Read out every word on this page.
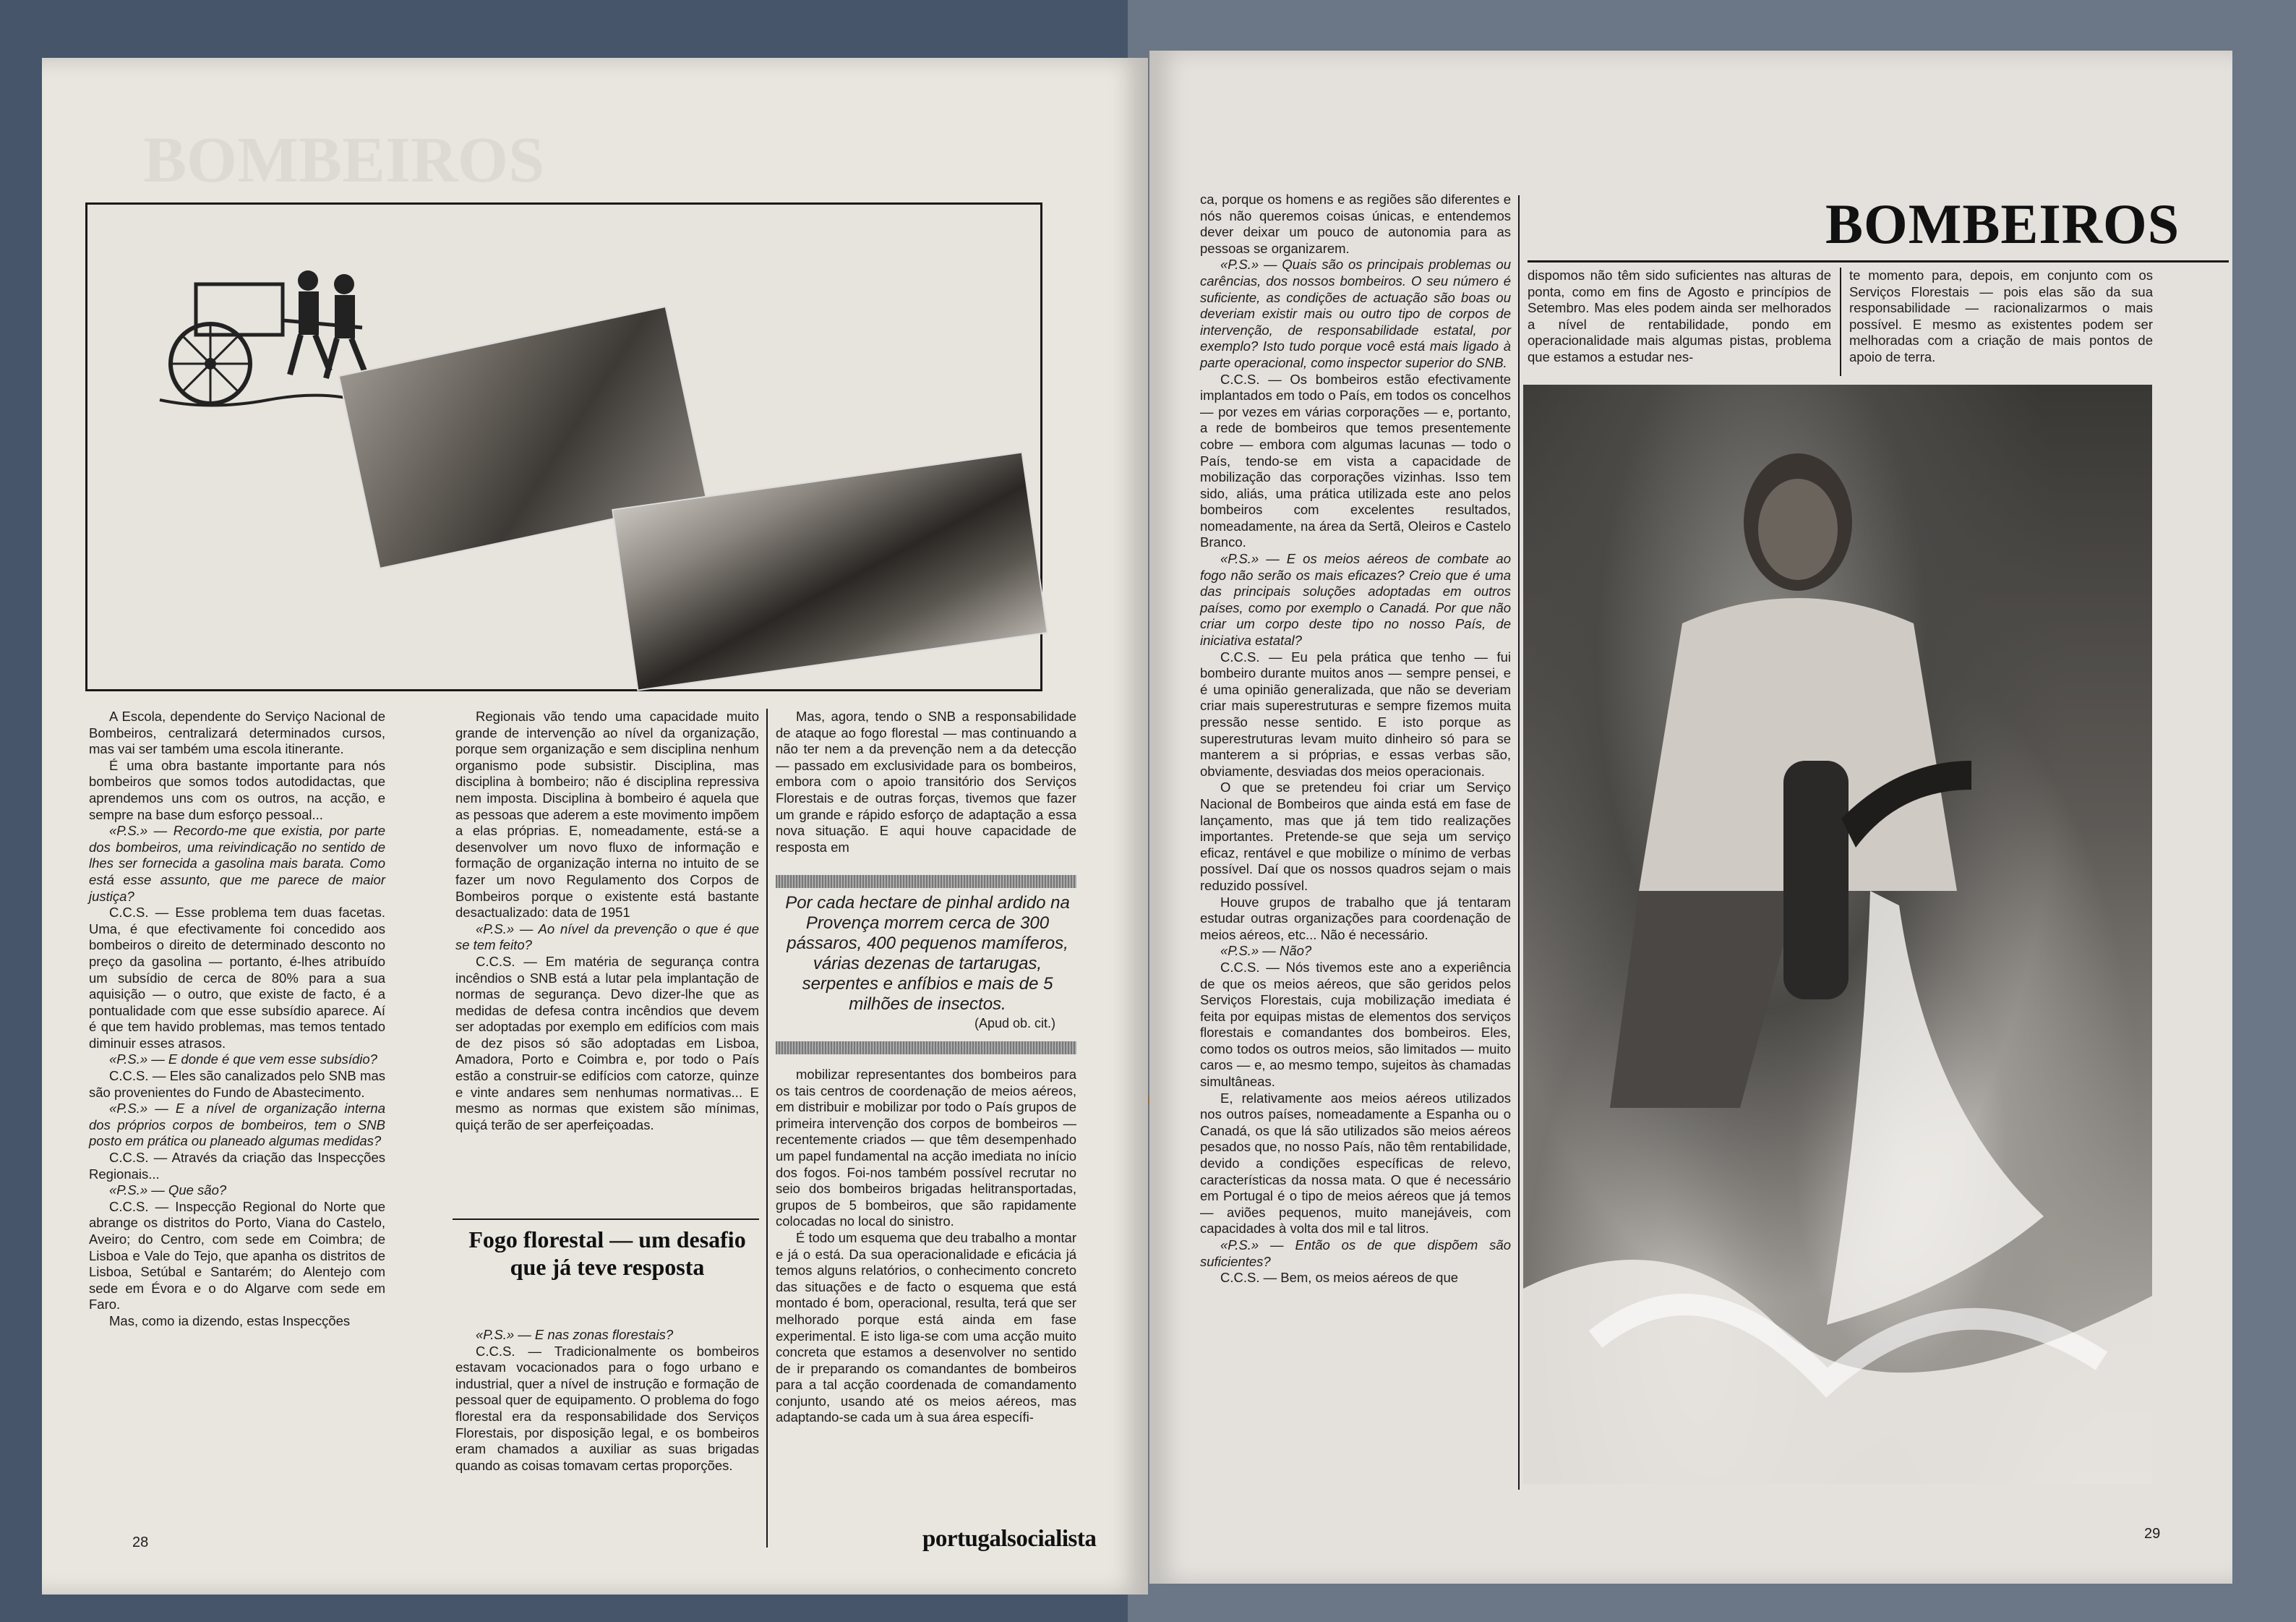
BOMBEIROS

A Escola, dependente do Serviço Nacional de Bombeiros, centralizará determinados cursos, mas vai ser também uma escola itinerante.

É uma obra bastante importante para nós bombeiros que somos todos autodidactas, que aprendemos uns com os outros, na acção, e sempre na base dum esforço pessoal...

«P.S.» — Recordo-me que existia, por parte dos bombeiros, uma reivindicação no sentido de lhes ser fornecida a gasolina mais barata. Como está esse assunto, que me parece de maior justiça?

C.C.S. — Esse problema tem duas facetas. Uma, é que efectivamente foi concedido aos bombeiros o direito de determinado desconto no preço da gasolina — portanto, é-lhes atribuído um subsídio de cerca de 80% para a sua aquisição — o outro, que existe de facto, é a pontualidade com que esse subsídio aparece. Aí é que tem havido problemas, mas temos tentado diminuir esses atrasos.

«P.S.» — E donde é que vem esse subsídio?

C.C.S. — Eles são canalizados pelo SNB mas são provenientes do Fundo de Abastecimento.

«P.S.» — E a nível de organização interna dos próprios corpos de bombeiros, tem o SNB posto em prática ou planeado algumas medidas?

C.C.S. — Através da criação das Inspecções Regionais...

«P.S.» — Que são?

C.C.S. — Inspecção Regional do Norte que abrange os distritos do Porto, Viana do Castelo, Aveiro; do Centro, com sede em Coimbra; de Lisboa e Vale do Tejo, que apanha os distritos de Lisboa, Setúbal e Santarém; do Alentejo com sede em Évora e o do Algarve com sede em Faro.

Mas, como ia dizendo, estas Inspecções

Regionais vão tendo uma capacidade muito grande de intervenção ao nível da organização, porque sem organização e sem disciplina nenhum organismo pode subsistir. Disciplina, mas disciplina à bombeiro; não é disciplina repressiva nem imposta. Disciplina à bombeiro é aquela que as pessoas que aderem a este movimento impõem a elas próprias. E, nomeadamente, está-se a desenvolver um novo fluxo de informação e formação de organização interna no intuito de se fazer um novo Regulamento dos Corpos de Bombeiros porque o existente está bastante desactualizado: data de 1951

«P.S.» — Ao nível da prevenção o que é que se tem feito?

C.C.S. — Em matéria de segurança contra incêndios o SNB está a lutar pela implantação de normas de segurança. Devo dizer-lhe que as medidas de defesa contra incêndios que devem ser adoptadas por exemplo em edifícios com mais de dez pisos só são adoptadas em Lisboa, Amadora, Porto e Coimbra e, por todo o País estão a construir-se edifícios com catorze, quinze e vinte andares sem nenhumas normativas... E mesmo as normas que existem são mínimas, quiçá terão de ser aperfeiçoadas.

Fogo florestal — um desafio que já teve resposta

«P.S.» — E nas zonas florestais?

C.C.S. — Tradicionalmente os bombeiros estavam vocacionados para o fogo urbano e industrial, quer a nível de instrução e formação de pessoal quer de equipamento. O problema do fogo florestal era da responsabilidade dos Serviços Florestais, por disposição legal, e os bombeiros eram chamados a auxiliar as suas brigadas quando as coisas tomavam certas proporções.

Mas, agora, tendo o SNB a responsabilidade de ataque ao fogo florestal — mas continuando a não ter nem a da prevenção nem a da detecção — passado em exclusividade para os bombeiros, embora com o apoio transitório dos Serviços Florestais e de outras forças, tivemos que fazer um grande e rápido esforço de adaptação a essa nova situação. E aqui houve capacidade de resposta em

Por cada hectare de pinhal ardido na Provença morrem cerca de 300 pássaros, 400 pequenos mamíferos, várias dezenas de tartarugas, serpentes e anfíbios e mais de 5 milhões de insectos.
(Apud ob. cit.)

mobilizar representantes dos bombeiros para os tais centros de coordenação de meios aéreos, em distribuir e mobilizar por todo o País grupos de primeira intervenção dos corpos de bombeiros — recentemente criados — que têm desempenhado um papel fundamental na acção imediata no início dos fogos. Foi-nos também possível recrutar no seio dos bombeiros brigadas helitransportadas, grupos de 5 bombeiros, que são rapidamente colocadas no local do sinistro.

É todo um esquema que deu trabalho a montar e já o está. Da sua operacionalidade e eficácia já temos alguns relatórios, o conhecimento concreto das situações e de facto o esquema que está montado é bom, operacional, resulta, terá que ser melhorado porque está ainda em fase experimental. E isto liga-se com uma acção muito concreta que estamos a desenvolver no sentido de ir preparando os comandantes de bombeiros para a tal acção coordenada de comandamento conjunto, usando até os meios aéreos, mas adaptando-se cada um à sua área específi-

28	portugalsocialista

ca, porque os homens e as regiões são diferentes e nós não queremos coisas únicas, e entendemos dever deixar um pouco de autonomia para as pessoas se organizarem.

«P.S.» — Quais são os principais problemas ou carências, dos nossos bombeiros. O seu número é suficiente, as condições de actuação são boas ou deveriam existir mais ou outro tipo de corpos de intervenção, de responsabilidade estatal, por exemplo? Isto tudo porque você está mais ligado à parte operacional, como inspector superior do SNB.

C.C.S. — Os bombeiros estão efectivamente implantados em todo o País, em todos os concelhos — por vezes em várias corporações — e, portanto, a rede de bombeiros que temos presentemente cobre — embora com algumas lacunas — todo o País, tendo-se em vista a capacidade de mobilização das corporações vizinhas. Isso tem sido, aliás, uma prática utilizada este ano pelos bombeiros com excelentes resultados, nomeadamente, na área da Sertã, Oleiros e Castelo Branco.

«P.S.» — E os meios aéreos de combate ao fogo não serão os mais eficazes? Creio que é uma das principais soluções adoptadas em outros países, como por exemplo o Canadá. Por que não criar um corpo deste tipo no nosso País, de iniciativa estatal?

C.C.S. — Eu pela prática que tenho — fui bombeiro durante muitos anos — sempre pensei, e é uma opinião generalizada, que não se deveriam criar mais superestruturas e sempre fizemos muita pressão nesse sentido. E isto porque as superestruturas levam muito dinheiro só para se manterem a si próprias, e essas verbas são, obviamente, desviadas dos meios operacionais.

O que se pretendeu foi criar um Serviço Nacional de Bombeiros que ainda está em fase de lançamento, mas que já tem tido realizações importantes. Pretende-se que seja um serviço eficaz, rentável e que mobilize o mínimo de verbas possível. Daí que os nossos quadros sejam o mais reduzido possível.

Houve grupos de trabalho que já tentaram estudar outras organizações para coordenação de meios aéreos, etc... Não é necessário.

«P.S.» — Não?

C.C.S. — Nós tivemos este ano a experiência de que os meios aéreos, que são geridos pelos Serviços Florestais, cuja mobilização imediata é feita por equipas mistas de elementos dos serviços florestais e comandantes dos bombeiros. Eles, como todos os outros meios, são limitados — muito caros — e, ao mesmo tempo, sujeitos às chamadas simultâneas.

E, relativamente aos meios aéreos utilizados nos outros países, nomeadamente a Espanha ou o Canadá, os que lá são utilizados são meios aéreos pesados que, no nosso País, não têm rentabilidade, devido a condições específicas de relevo, características da nossa mata. O que é necessário em Portugal é o tipo de meios aéreos que já temos — aviões pequenos, muito manejáveis, com capacidades à volta dos mil e tal litros.

«P.S.» — Então os de que dispõem são suficientes?

C.C.S. — Bem, os meios aéreos de que

BOMBEIROS

dispomos não têm sido suficientes nas alturas de ponta, como em fins de Agosto e princípios de Setembro. Mas eles podem ainda ser melhorados a nível de rentabilidade, pondo em operacionalidade mais algumas pistas, problema que estamos a estudar nes-

te momento para, depois, em conjunto com os Serviços Florestais — pois elas são da sua responsabilidade — racionalizarmos o mais possível. E mesmo as existentes podem ser melhoradas com a criação de mais pontos de apoio de terra.

29
